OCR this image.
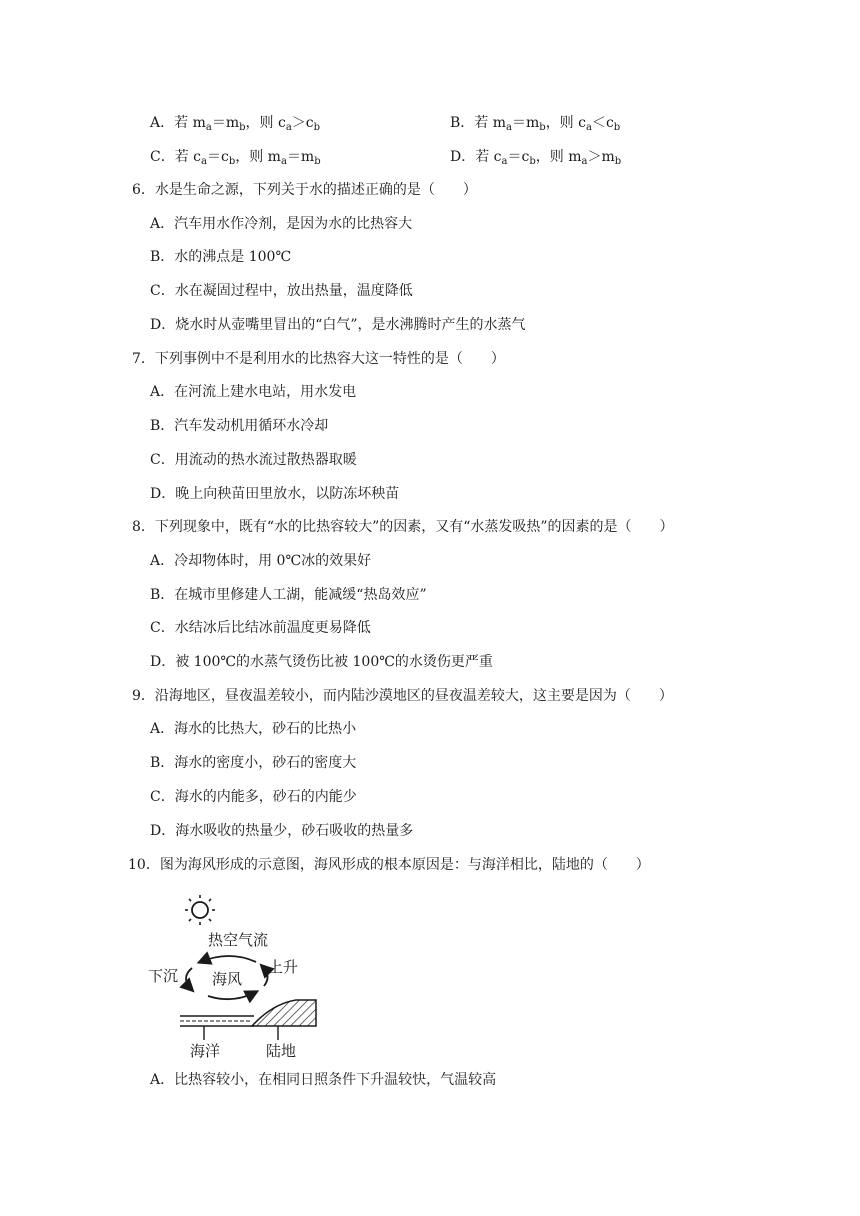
A．若 $m_a=m_b$，则 $c_a>c_b$	B．若 $m_a=m_b$，则 $c_a<c_b$
C．若 $c_a=c_b$，则 $m_a=m_b$	D．若 $c_a=c_b$，则 $m_a>m_b$
6．水是生命之源，下列关于水的描述正确的是（　　）
A．汽车用水作冷剂，是因为水的比热容大
B．水的沸点是 100℃
C．水在凝固过程中，放出热量，温度降低
D．烧水时从壶嘴里冒出的“白气”，是水沸腾时产生的水蒸气
7．下列事例中不是利用水的比热容大这一特性的是（　　）
A．在河流上建水电站，用水发电
B．汽车发动机用循环水冷却
C．用流动的热水流过散热器取暖
D．晚上向秧苗田里放水，以防冻坏秧苗
8．下列现象中，既有“水的比热容较大”的因素，又有“水蒸发吸热”的因素的是（　　）
A．冷却物体时，用 0℃冰的效果好
B．在城市里修建人工湖，能减缓“热岛效应”
C．水结冰后比结冰前温度更易降低
D．被 100℃的水蒸气烫伤比被 100℃的水烫伤更严重
9．沿海地区，昼夜温差较小，而内陆沙漠地区的昼夜温差较大，这主要是因为（　　）
A．海水的比热大，砂石的比热小
B．海水的密度小，砂石的密度大
C．海水的内能多，砂石的内能少
D．海水吸收的热量少，砂石吸收的热量多
10．图为海风形成的示意图，海风形成的根本原因是：与海洋相比，陆地的（　　）
热空气流
下沉	上升
海风
海洋	陆地
A．比热容较小，在相同日照条件下升温较快，气温较高
